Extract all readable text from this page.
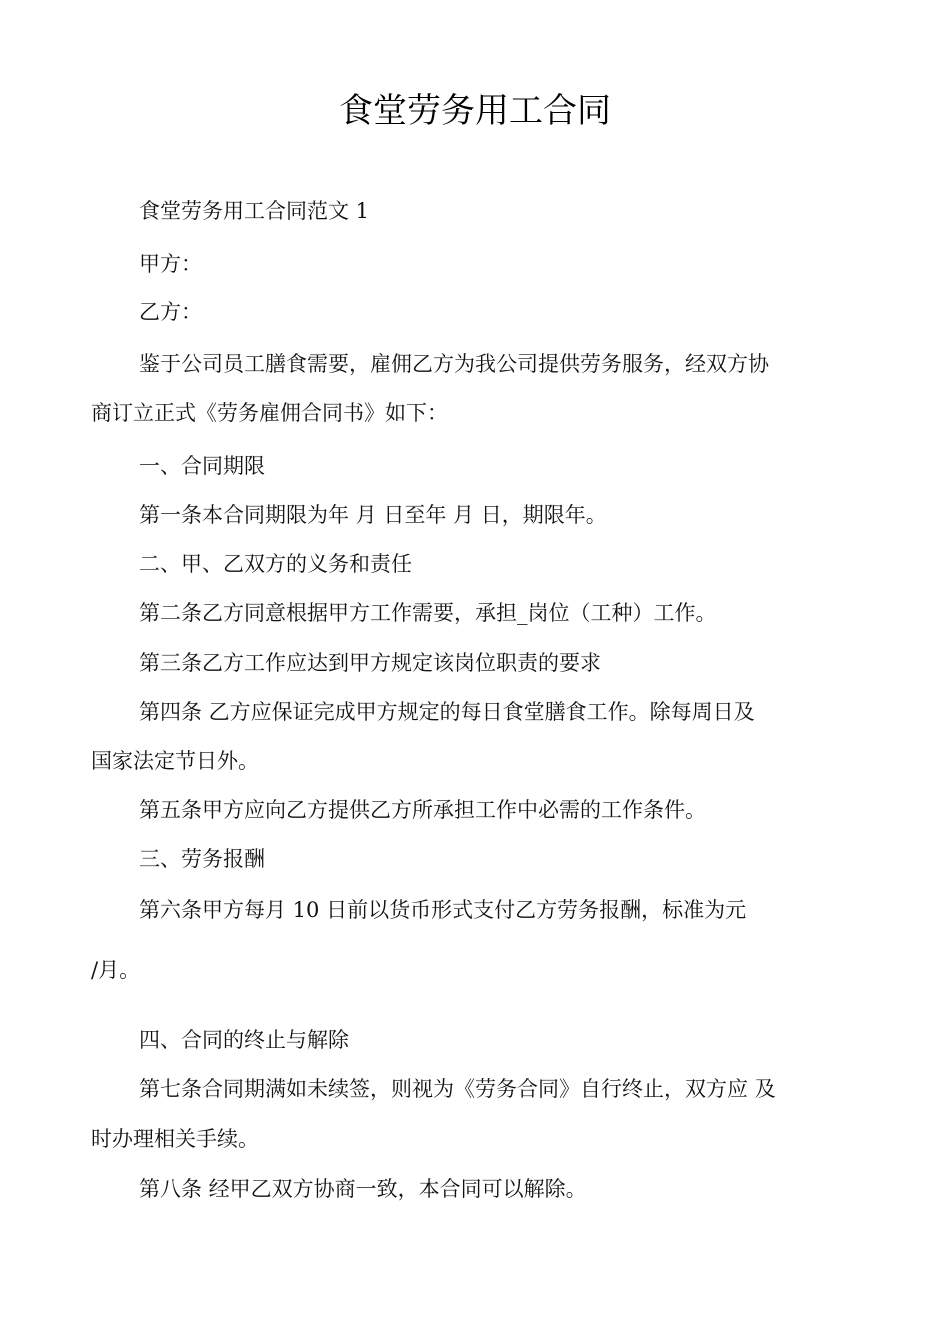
食堂劳务用工合同
食堂劳务用工合同范文 1
甲方：
乙方：
鉴于公司员工膳食需要，雇佣乙方为我公司提供劳务服务，经双方协
商订立正式《劳务雇佣合同书》如下：
一、合同期限
第一条本合同期限为年 月 日至年 月 日，期限年。
二、甲、乙双方的义务和责任
第二条乙方同意根据甲方工作需要，承担_岗位（工种）工作。
第三条乙方工作应达到甲方规定该岗位职责的要求
第四条 乙方应保证完成甲方规定的每日食堂膳食工作。除每周日及
国家法定节日外。
第五条甲方应向乙方提供乙方所承担工作中必需的工作条件。
三、劳务报酬
第六条甲方每月 10 日前以货币形式支付乙方劳务报酬，标准为元
/月。
四、合同的终止与解除
第七条合同期满如未续签，则视为《劳务合同》自行终止，双方应 及
时办理相关手续。
第八条 经甲乙双方协商一致，本合同可以解除。
